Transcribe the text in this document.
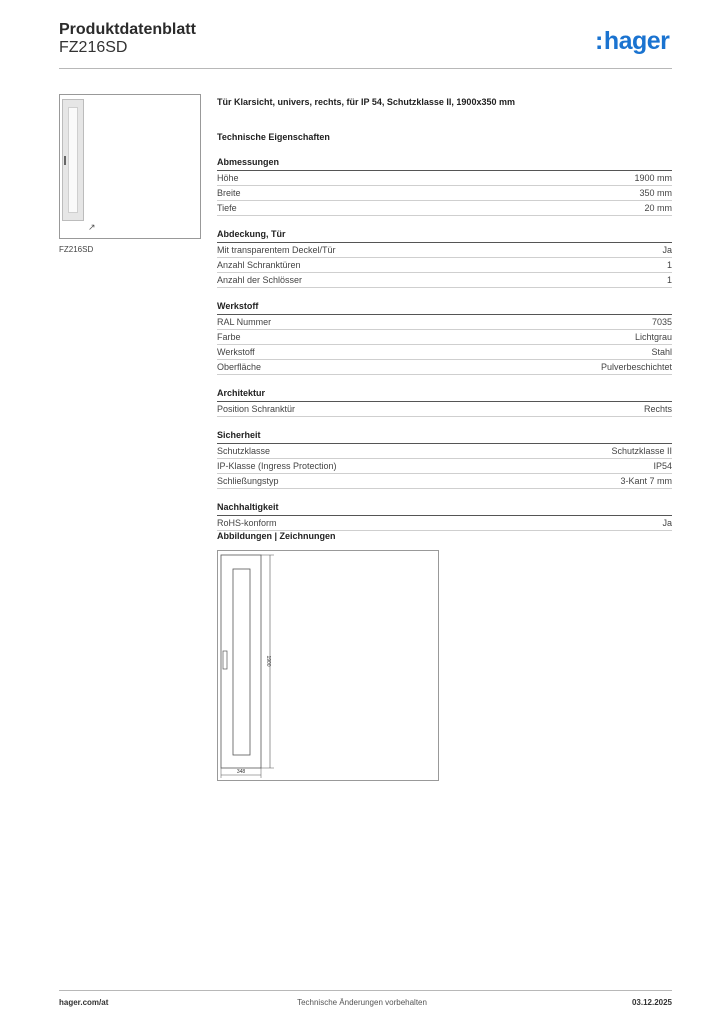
Produktdatenblatt
FZ216SD	:hager
↗
FZ216SD
Tür Klarsicht, univers, rechts, für IP 54, Schutzklasse II, 1900x350 mm
Technische Eigenschaften
Abmessungen
Höhe	1900 mm
Breite	350 mm
Tiefe	20 mm
Abdeckung, Tür
Mit transparentem Deckel/Tür	Ja
Anzahl Schranktüren	1
Anzahl der Schlösser	1
Werkstoff
RAL Nummer	7035
Farbe	Lichtgrau
Werkstoff	Stahl
Oberfläche	Pulverbeschichtet
Architektur
Position Schranktür	Rechts
Sicherheit
Schutzklasse	Schutzklasse II
IP-Klasse (Ingress Protection)	IP54
Schließungstyp	3-Kant 7 mm
Nachhaltigkeit
RoHS-konform	Ja
Abbildungen | Zeichnungen
1900
348
hager.com/at	Technische Änderungen vorbehalten	03.12.2025
